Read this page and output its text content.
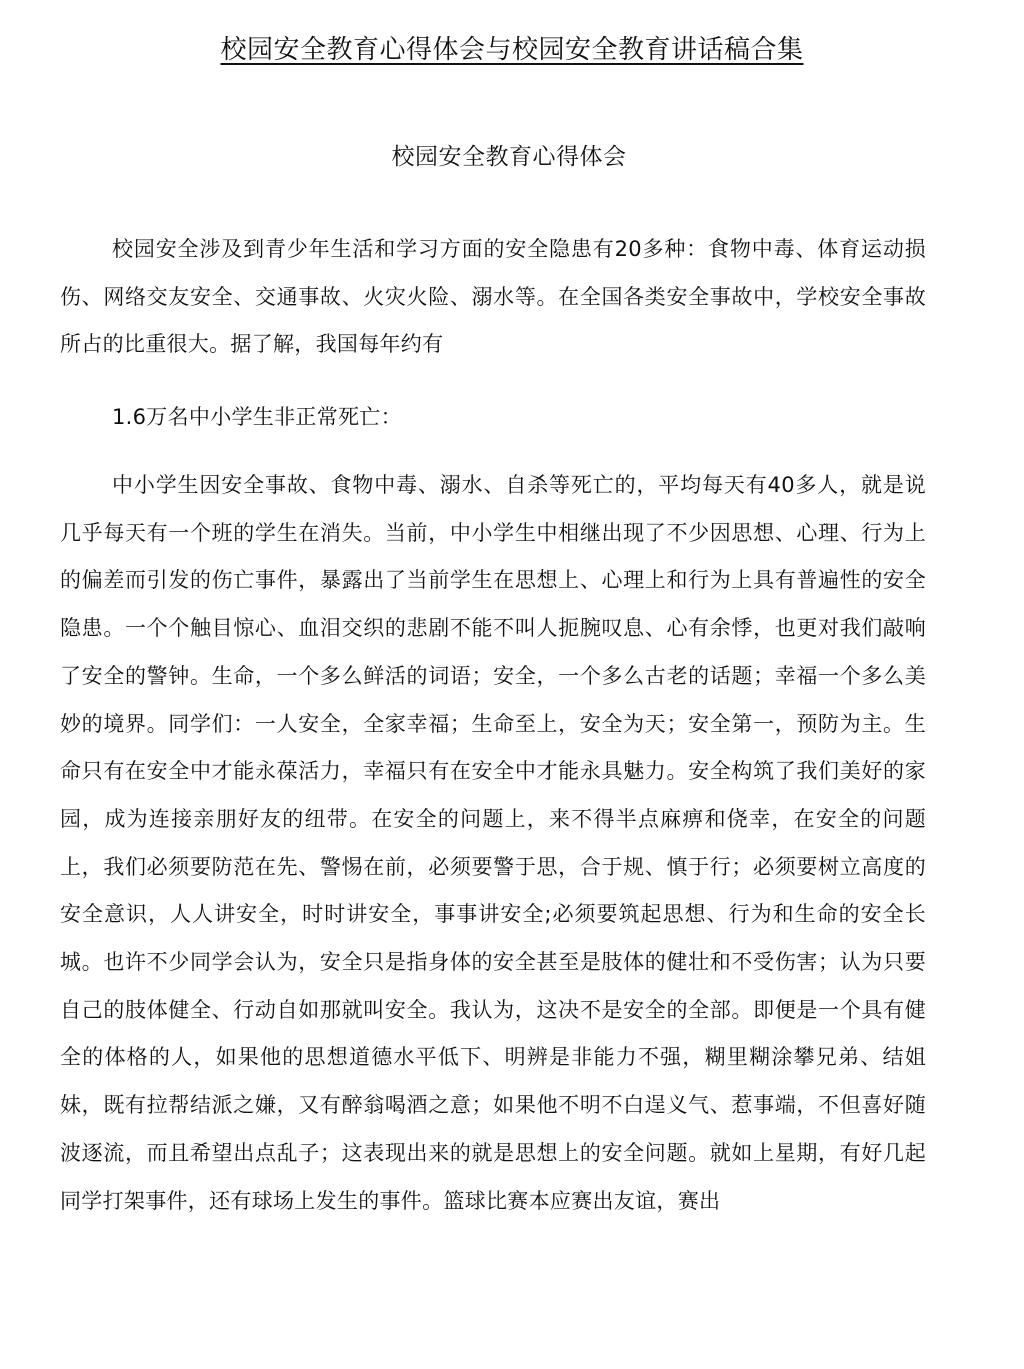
校园安全教育心得体会与校园安全教育讲话稿合集
校园安全教育心得体会

校园安全涉及到青少年生活和学习方面的安全隐患有20多种：食物中毒、体育运动损伤、网络交友安全、交通事故、火灾火险、溺水等。在全国各类安全事故中，学校安全事故所占的比重很大。据了解，我国每年约有

1.6万名中小学生非正常死亡：

中小学生因安全事故、食物中毒、溺水、自杀等死亡的，平均每天有40多人，就是说几乎每天有一个班的学生在消失。当前，中小学生中相继出现了不少因思想、心理、行为上的偏差而引发的伤亡事件，暴露出了当前学生在思想上、心理上和行为上具有普遍性的安全隐患。一个个触目惊心、血泪交织的悲剧不能不叫人扼腕叹息、心有余悸，也更对我们敲响了安全的警钟。生命，一个多么鲜活的词语；安全，一个多么古老的话题；幸福一个多么美妙的境界。同学们：一人安全，全家幸福；生命至上，安全为天；安全第一，预防为主。生命只有在安全中才能永葆活力，幸福只有在安全中才能永具魅力。安全构筑了我们美好的家园，成为连接亲朋好友的纽带。在安全的问题上，来不得半点麻痹和侥幸，在安全的问题上，我们必须要防范在先、警惕在前，必须要警于思，合于规、慎于行；必须要树立高度的安全意识，人人讲安全，时时讲安全，事事讲安全;必须要筑起思想、行为和生命的安全长城。也许不少同学会认为，安全只是指身体的安全甚至是肢体的健壮和不受伤害；认为只要自己的肢体健全、行动自如那就叫安全。我认为，这决不是安全的全部。即便是一个具有健全的体格的人，如果他的思想道德水平低下、明辨是非能力不强，糊里糊涂攀兄弟、结姐妹，既有拉帮结派之嫌，又有醉翁喝酒之意；如果他不明不白逞义气、惹事端，不但喜好随波逐流，而且希望出点乱子；这表现出来的就是思想上的安全问题。就如上星期，有好几起同学打架事件，还有球场上发生的事件。篮球比赛本应赛出友谊，赛出
